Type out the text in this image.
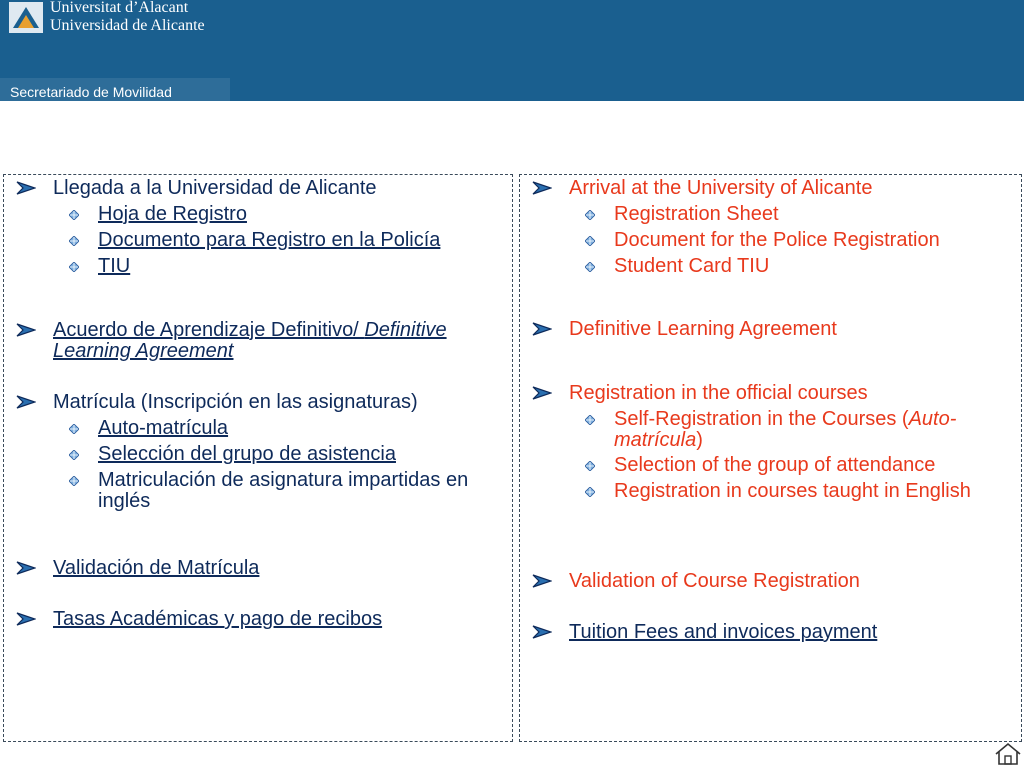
Universitat d’Alacant
Universidad de Alicante
Secretariado de Movilidad
Llegada a la Universidad de Alicante
Hoja de Registro
Documento para Registro en la Policía
TIU
Acuerdo de Aprendizaje Definitivo/ Definitive Learning Agreement
Matrícula (Inscripción en las asignaturas)
Auto-matrícula
Selección del grupo de asistencia
Matriculación de asignatura impartidas en inglés
Validación de Matrícula
Tasas Académicas y pago de recibos
Arrival at the University of Alicante
Registration Sheet
Document for the Police Registration
Student Card TIU
Definitive Learning Agreement
Registration in the official courses
Self-Registration in the Courses (Auto-matrícula)
Selection of the group of attendance
Registration in courses taught in English
Validation of Course Registration
Tuition Fees and invoices payment
